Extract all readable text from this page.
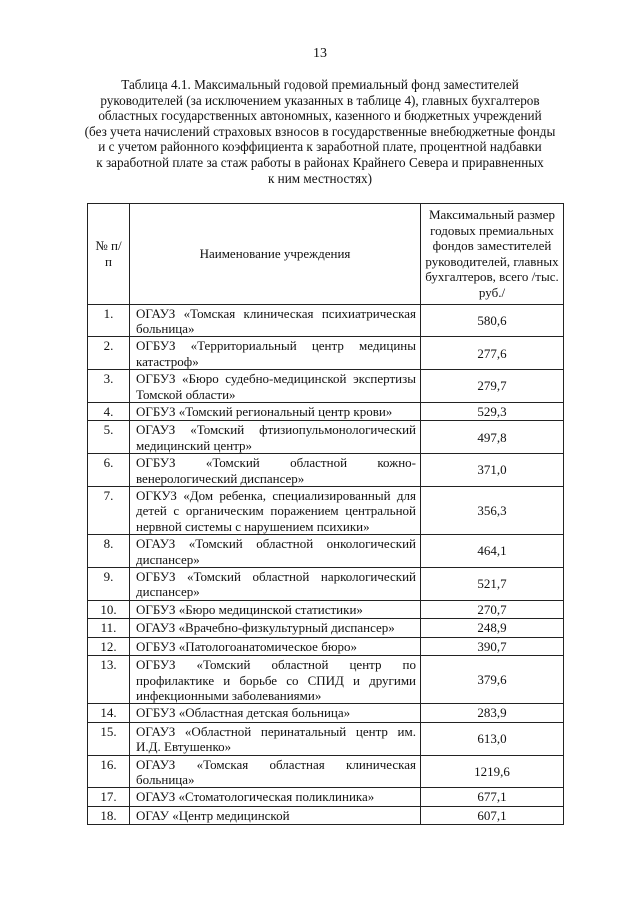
13
Таблица 4.1. Максимальный годовой премиальный фонд заместителей
руководителей (за исключением указанных в таблице 4), главных бухгалтеров
областных государственных автономных, казенного и бюджетных учреждений
(без учета начислений страховых взносов в государственные внебюджетные фонды
и с учетом районного коэффициента к заработной плате, процентной надбавки
к заработной плате за стаж работы в районах Крайнего Севера и приравненных
к ним местностях)
№ п/п	Наименование учреждения	Максимальный размер годовых премиальных фондов заместителей руководителей, главных бухгалтеров, всего /тыс. руб./
1.	ОГАУЗ «Томская клиническая психиатрическая больница»	580,6
2.	ОГБУЗ «Территориальный центр медицины катастроф»	277,6
3.	ОГБУЗ «Бюро судебно-медицинской экспертизы Томской области»	279,7
4.	ОГБУЗ «Томский региональный центр крови»	529,3
5.	ОГАУЗ «Томский фтизиопульмонологический медицинский центр»	497,8
6.	ОГБУЗ «Томский областной кожно-венерологический диспансер»	371,0
7.	ОГКУЗ «Дом ребенка, специализированный для детей с органическим поражением центральной нервной системы с нарушением психики»	356,3
8.	ОГАУЗ «Томский областной онкологический диспансер»	464,1
9.	ОГБУЗ «Томский областной наркологический диспансер»	521,7
10.	ОГБУЗ «Бюро медицинской статистики»	270,7
11.	ОГАУЗ «Врачебно-физкультурный диспансер»	248,9
12.	ОГБУЗ «Патологоанатомическое бюро»	390,7
13.	ОГБУЗ «Томский областной центр по профилактике и борьбе со СПИД и другими инфекционными заболеваниями»	379,6
14.	ОГБУЗ «Областная детская больница»	283,9
15.	ОГАУЗ «Областной перинатальный центр им. И.Д. Евтушенко»	613,0
16.	ОГАУЗ «Томская областная клиническая больница»	1219,6
17.	ОГАУЗ «Стоматологическая поликлиника»	677,1
18.	ОГАУ «Центр медицинской	607,1
